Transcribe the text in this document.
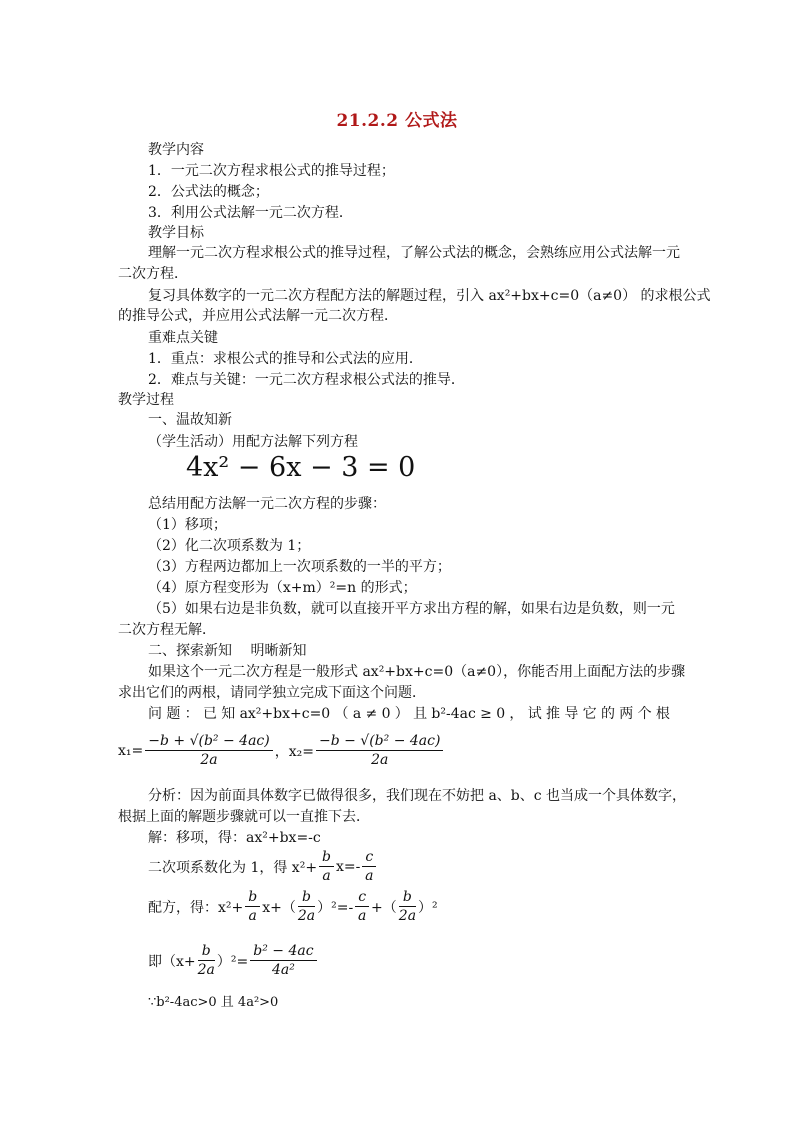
21.2.2 公式法
教学内容
1．一元二次方程求根公式的推导过程；
2．公式法的概念；
3．利用公式法解一元二次方程．
教学目标
理解一元二次方程求根公式的推导过程，了解公式法的概念，会熟练应用公式法解一元
二次方程．
复习具体数字的一元二次方程配方法的解题过程，引入 ax²+bx+c=0（a≠0） 的求根公式
的推导公式，并应用公式法解一元二次方程．
重难点关键
1．重点：求根公式的推导和公式法的应用．
2．难点与关键：一元二次方程求根公式法的推导．
教学过程
一、温故知新
（学生活动）用配方法解下列方程
4x² − 6x − 3 = 0
总结用配方法解一元二次方程的步骤：
（1）移项；
（2）化二次项系数为 1；
（3）方程两边都加上一次项系数的一半的平方；
（4）原方程变形为（x+m）²=n 的形式；
（5）如果右边是非负数，就可以直接开平方求出方程的解，如果右边是负数，则一元
二次方程无解．
二、探索新知　 明晰新知
如果这个一元二次方程是一般形式 ax²+bx+c=0（a≠0），你能否用上面配方法的步骤
求出它们的两根，请同学独立完成下面这个问题．
问 题 ： 已 知 ax²+bx+c=0 （ a ≠ 0 ） 且 b²-4ac ≥ 0 ， 试 推 导 它 的 两 个 根
$x_1= \frac{\text{−b + √(b² − 4ac)}}{2a}$ ，$x_2= \frac{\text{−b − √(b² − 4ac)}}{2a}$
分析：因为前面具体数字已做得很多，我们现在不妨把 a、b、c 也当成一个具体数字，
根据上面的解题步骤就可以一直推下去．
解：移项，得：ax²+bx=-c
二次项系数化为 1，得 $x^2+ \frac{b}{a} x=- \frac{c}{a}$
配方，得：$x^2+ \frac{b}{a} x+( \frac{b}{2a} )^2=- \frac{c}{a}$ +（ $\frac{b}{2a} )^2$
即$(x+ \frac{b}{2a} )^2= \frac{\text{b² − 4ac}}{\text{4a²}}$
∵b²-4ac>0 且 4a²>0
